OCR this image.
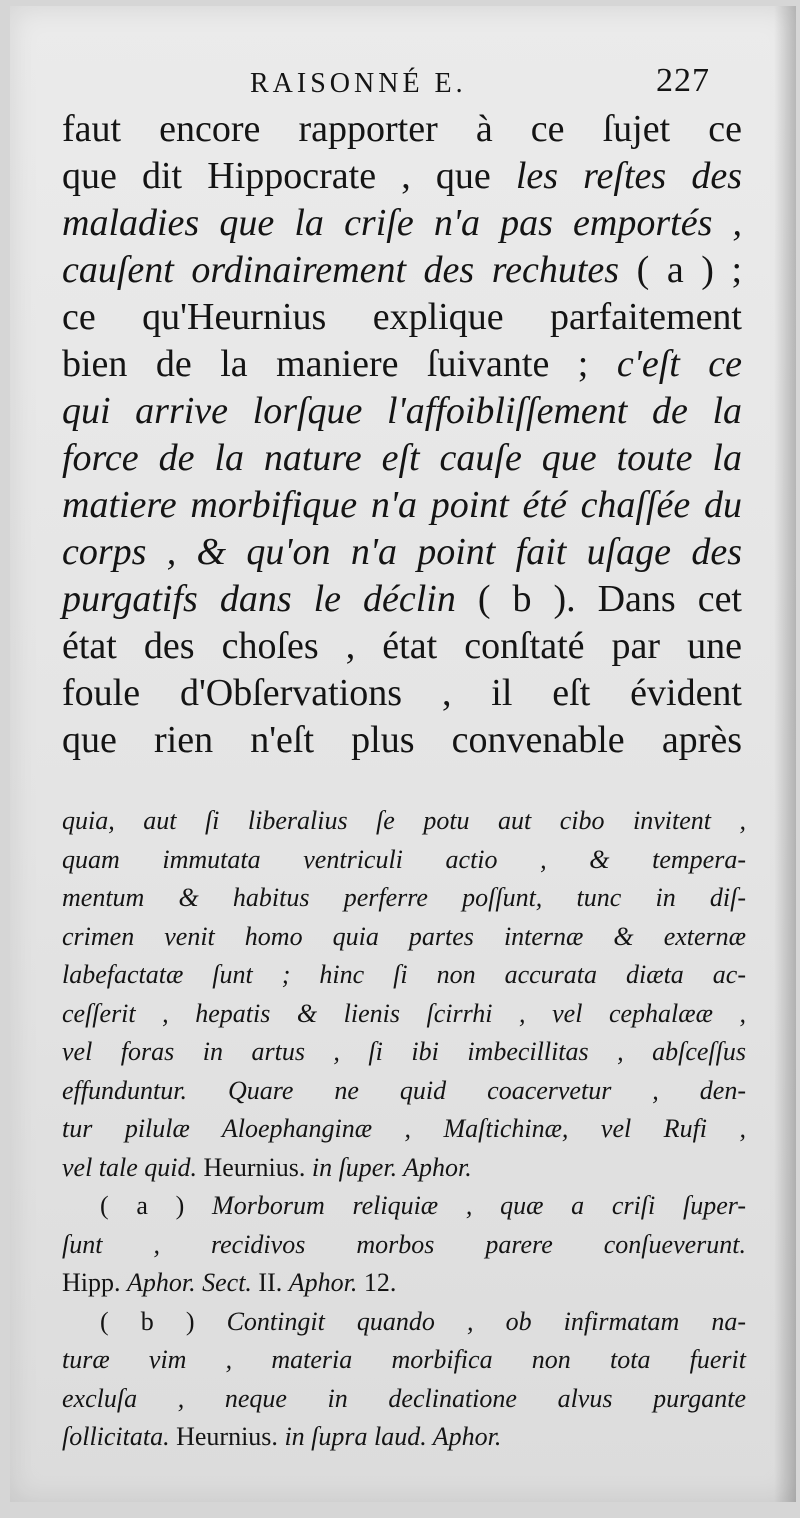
RAISONNÉ E.	227
faut encore rapporter à ce ſujet ce
que dit Hippocrate , que les reſtes des
maladies que la criſe n'a pas emportés ,
cauſent ordinairement des rechutes ( a ) ;
ce qu'Heurnius explique parfaitement
bien de la maniere ſuivante ; c'eſt ce
qui arrive lorſque l'affoibliſſement de la
force de la nature eſt cauſe que toute la
matiere morbifique n'a point été chaſſée du
corps , & qu'on n'a point fait uſage des
purgatifs dans le déclin ( b ). Dans cet
état des choſes , état conſtaté par une
foule d'Obſervations , il eſt évident
que rien n'eſt plus convenable après
quia, aut ſi liberalius ſe potu aut cibo invitent ,
quam immutata ventriculi actio , & tempera-
mentum & habitus perferre poſſunt, tunc in diſ-
crimen venit homo quia partes internæ & externæ
labefactatæ ſunt ; hinc ſi non accurata diæta ac-
ceſſerit , hepatis & lienis ſcirrhi , vel cephalææ ,
vel foras in artus , ſi ibi imbecillitas , abſceſſus
effunduntur. Quare ne quid coacervetur , den-
tur pilulæ Aloephanginæ , Maſtichinæ, vel Rufi ,
vel tale quid. Heurnius. in ſuper. Aphor.
( a ) Morborum reliquiæ , quæ a criſi ſuper-
ſunt , recidivos morbos parere conſueverunt.
Hipp. Aphor. Sect. II. Aphor. 12.
( b ) Contingit quando , ob infirmatam na-
turæ vim , materia morbifica non tota fuerit
excluſa , neque in declinatione alvus purgante
ſollicitata. Heurnius. in ſupra laud. Aphor.
